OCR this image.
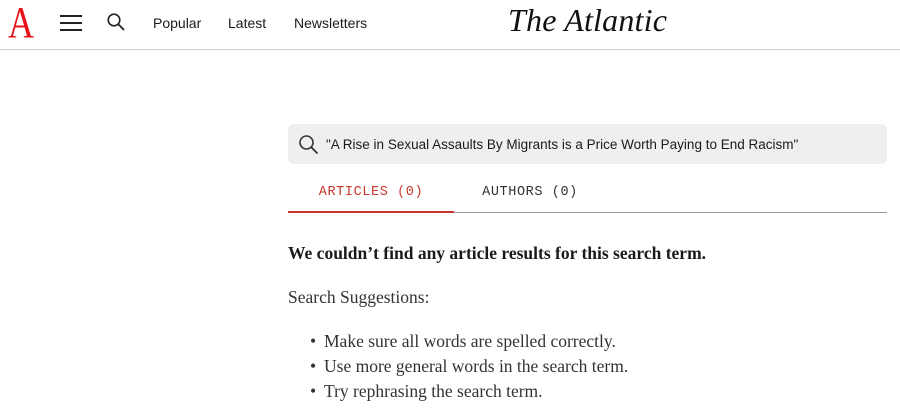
A	Popular Latest Newsletters	The Atlantic
"A Rise in Sexual Assaults By Migrants is a Price Worth Paying to End Racism"
ARTICLES (0)	AUTHORS (0)
We couldn’t find any article results for this search term.
Search Suggestions:
• Make sure all words are spelled correctly.
• Use more general words in the search term.
• Try rephrasing the search term.
